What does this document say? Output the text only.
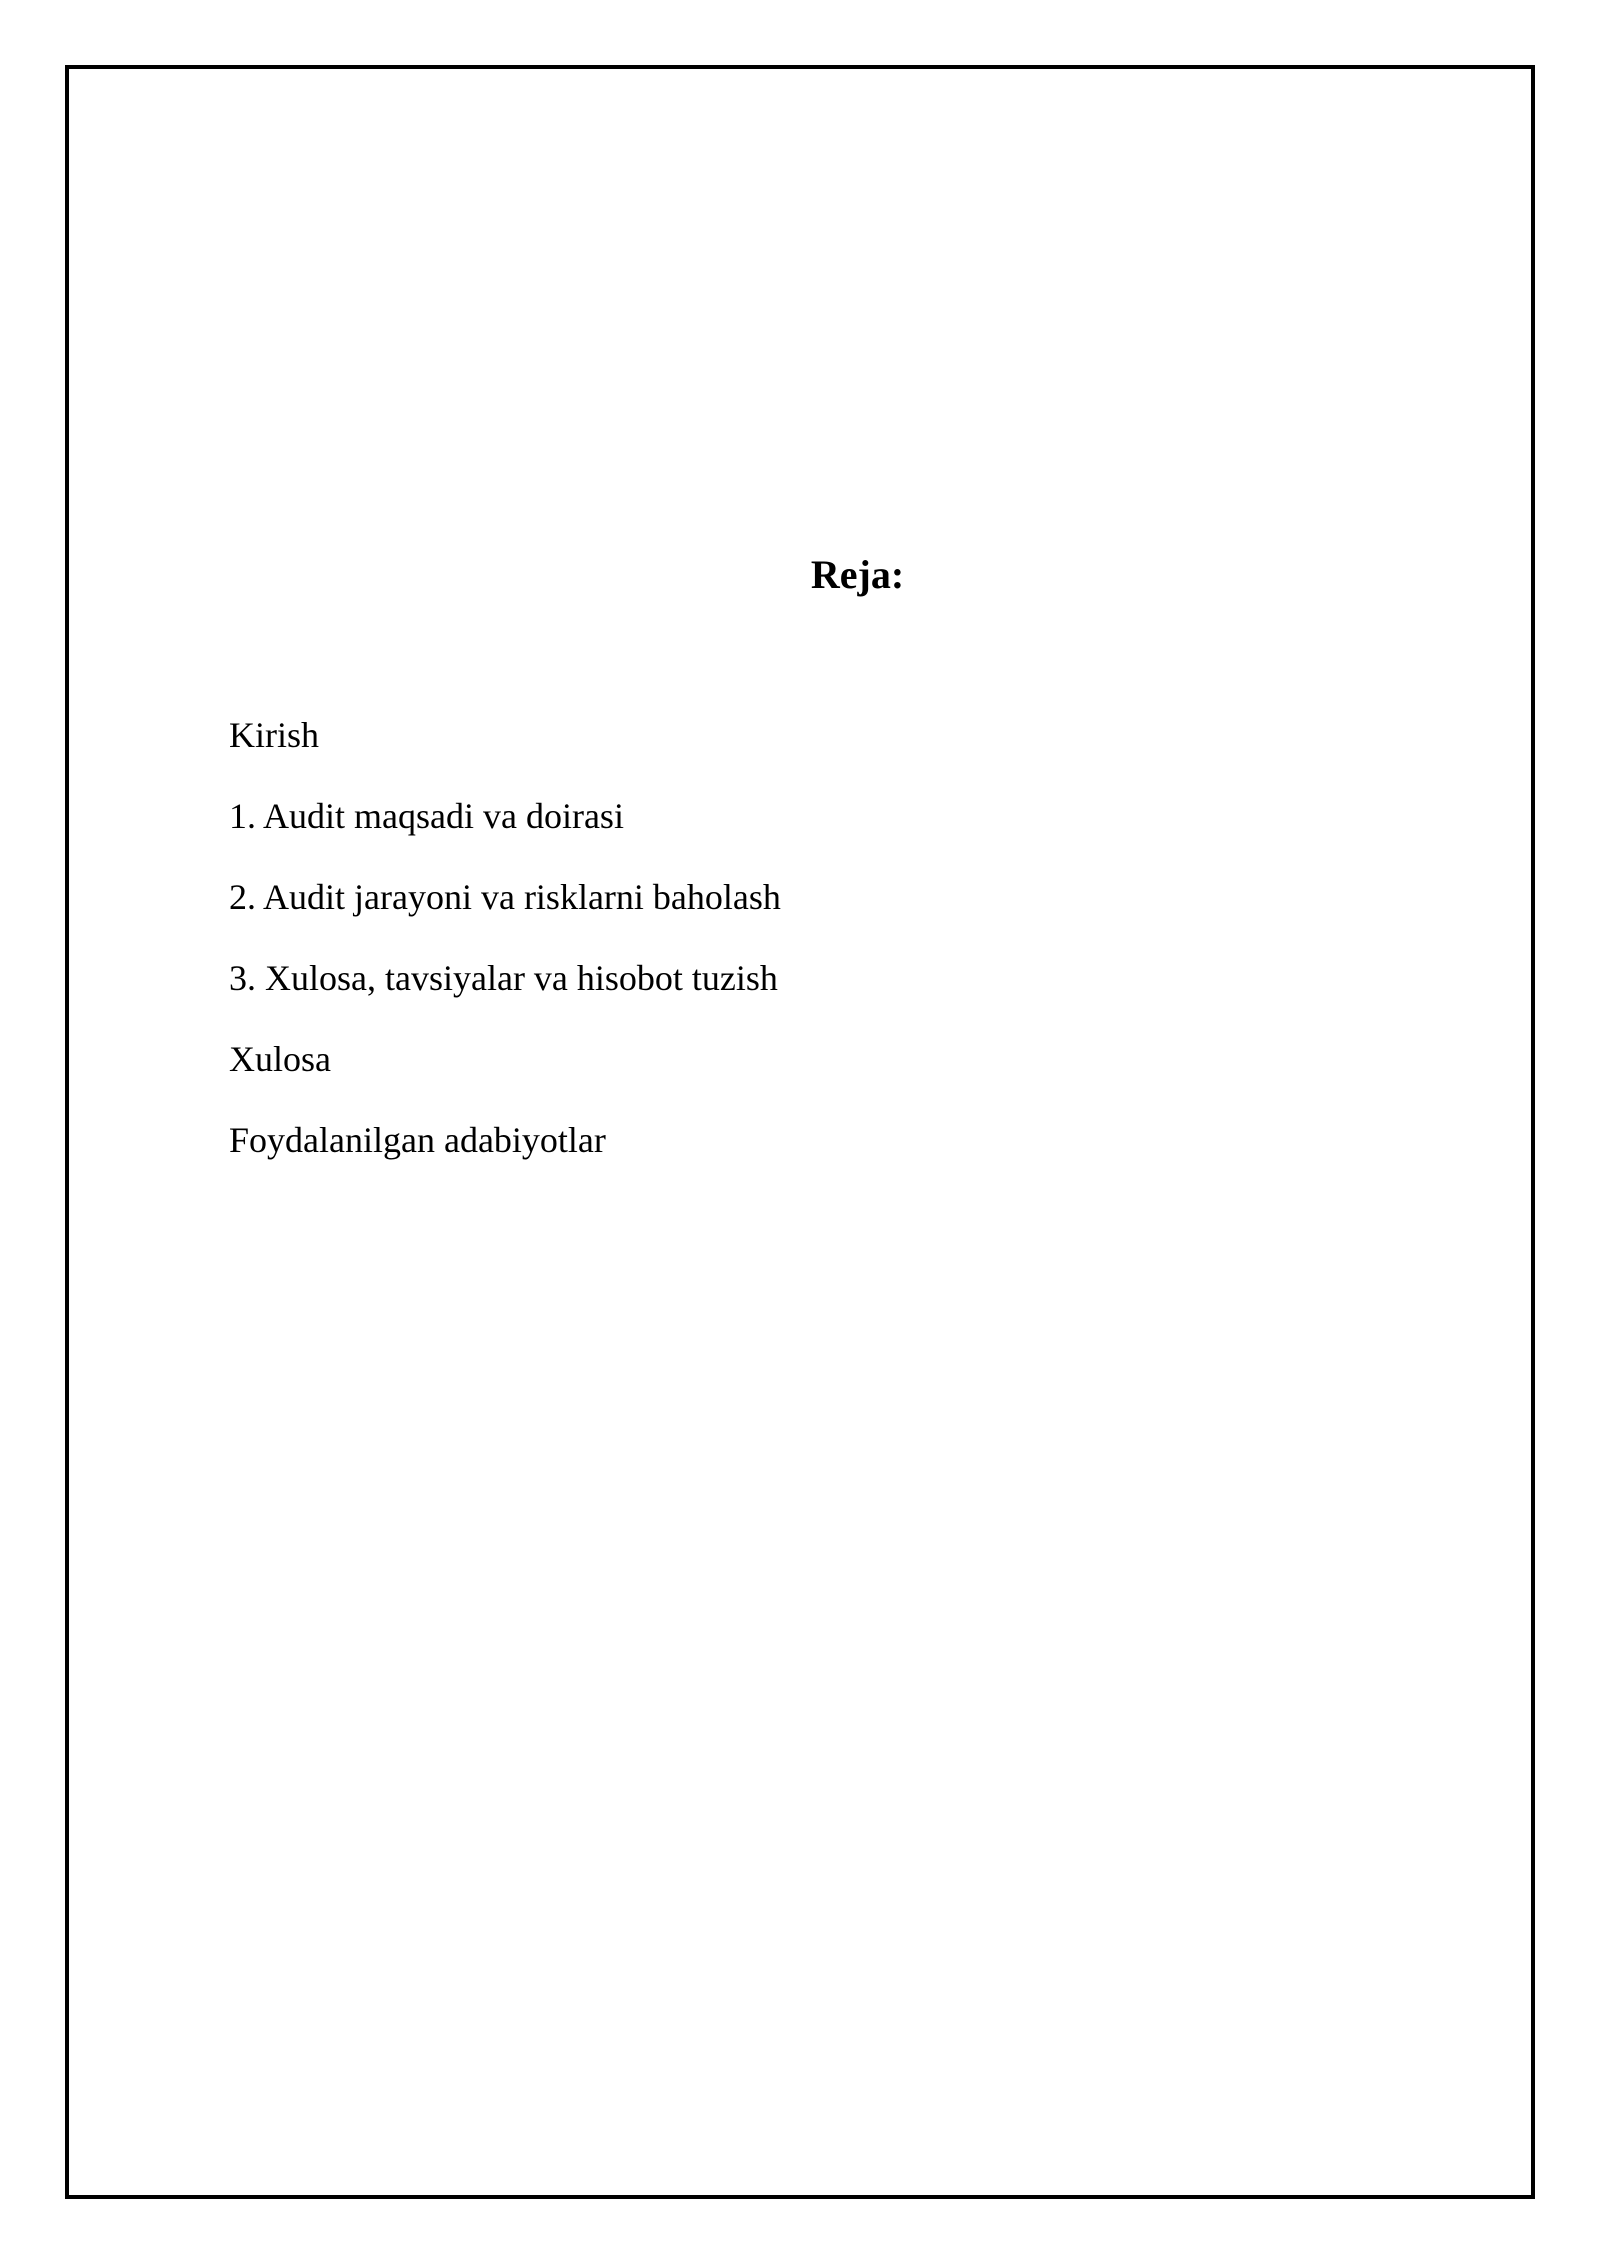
Reja:
Kirish
1. Audit maqsadi va doirasi
2. Audit jarayoni va risklarni baholash
3. Xulosa, tavsiyalar va hisobot tuzish
Xulosa
Foydalanilgan adabiyotlar
